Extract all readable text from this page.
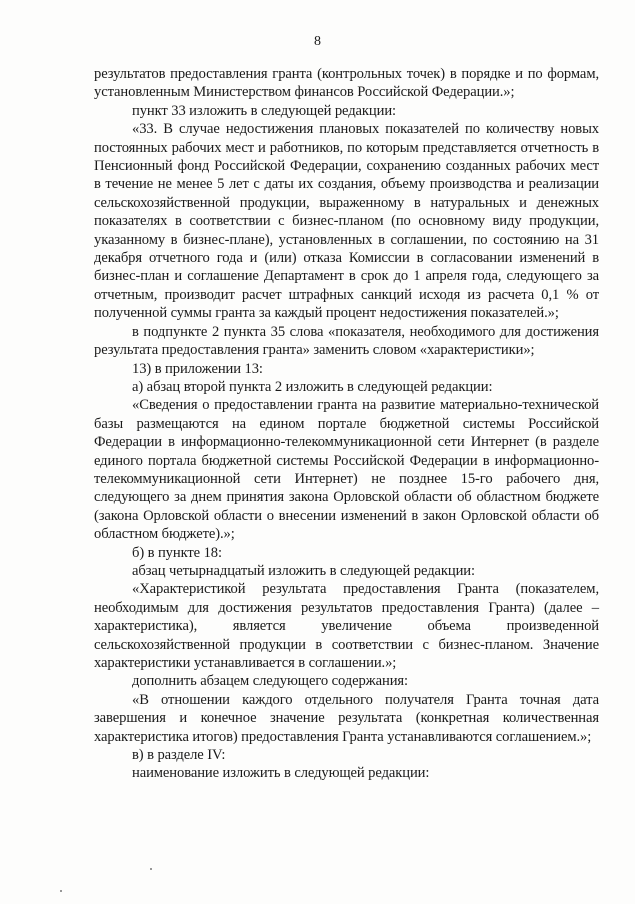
8

результатов предоставления гранта (контрольных точек) в порядке и по формам, установленным Министерством финансов Российской Федерации.»;

пункт 33 изложить в следующей редакции:

«33. В случае недостижения плановых показателей по количеству новых постоянных рабочих мест и работников, по которым представляется отчетность в Пенсионный фонд Российской Федерации, сохранению созданных рабочих мест в течение не менее 5 лет с даты их создания, объему производства и реализации сельскохозяйственной продукции, выраженному в натуральных и денежных показателях в соответствии с бизнес-планом (по основному виду продукции, указанному в бизнес-плане), установленных в соглашении, по состоянию на 31 декабря отчетного года и (или) отказа Комиссии в согласовании изменений в бизнес-план и соглашение Департамент в срок до 1 апреля года, следующего за отчетным, производит расчет штрафных санкций исходя из расчета 0,1 % от полученной суммы гранта за каждый процент недостижения показателей.»;

в подпункте 2 пункта 35 слова «показателя, необходимого для достижения результата предоставления гранта» заменить словом «характеристики»;

13) в приложении 13:

а) абзац второй пункта 2 изложить в следующей редакции:

«Сведения о предоставлении гранта на развитие материально-технической базы размещаются на едином портале бюджетной системы Российской Федерации в информационно-телекоммуникационной сети Интернет (в разделе единого портала бюджетной системы Российской Федерации в информационно-телекоммуникационной сети Интернет) не позднее 15-го рабочего дня, следующего за днем принятия закона Орловской области об областном бюджете (закона Орловской области о внесении изменений в закон Орловской области об областном бюджете).»;

б) в пункте 18:

абзац четырнадцатый изложить в следующей редакции:

«Характеристикой результата предоставления Гранта (показателем, необходимым для достижения результатов предоставления Гранта) (далее – характеристика), является увеличение объема произведенной сельскохозяйственной продукции в соответствии с бизнес-планом. Значение характеристики устанавливается в соглашении.»;

дополнить абзацем следующего содержания:

«В отношении каждого отдельного получателя Гранта точная дата завершения и конечное значение результата (конкретная количественная характеристика итогов) предоставления Гранта устанавливаются соглашением.»;

в) в разделе IV:

наименование изложить в следующей редакции:
